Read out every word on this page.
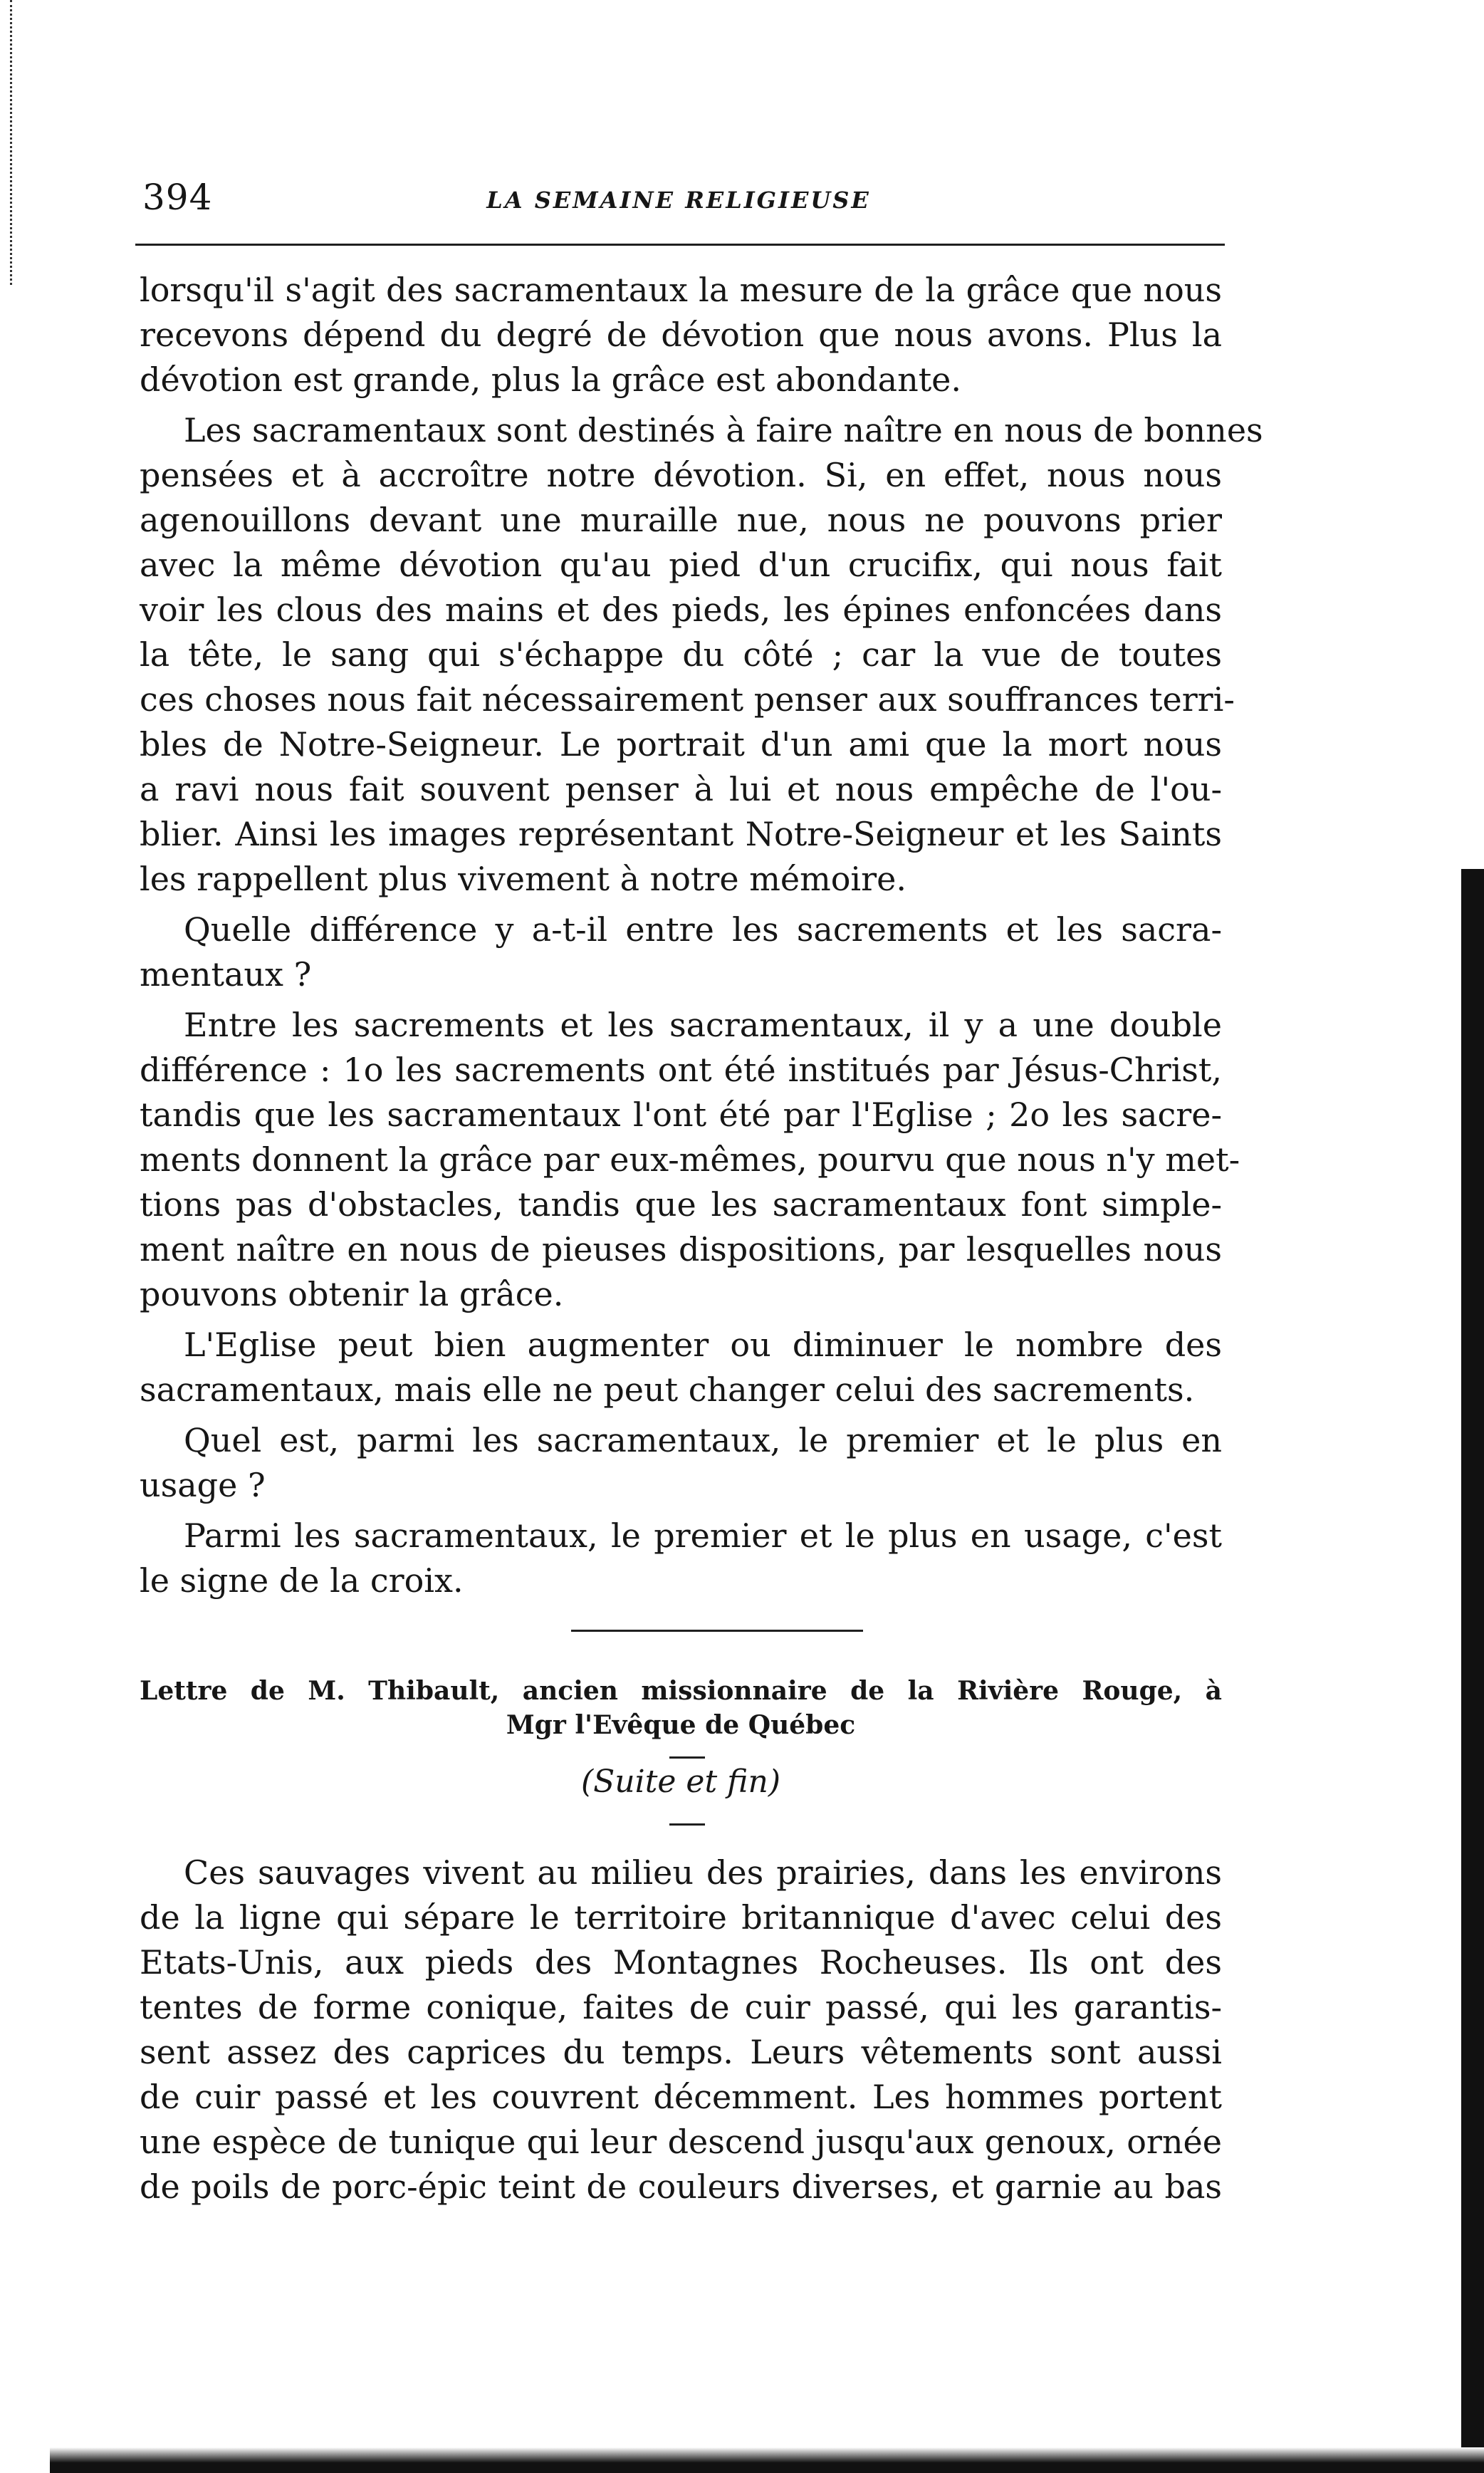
394	LA SEMAINE RELIGIEUSE
lorsqu'il s'agit des sacramentaux la mesure de la grâce que nous
recevons dépend du degré de dévotion que nous avons. Plus la
dévotion est grande, plus la grâce est abondante.
Les sacramentaux sont destinés à faire naître en nous de bonnes
pensées et à accroître notre dévotion. Si, en effet, nous nous
agenouillons devant une muraille nue, nous ne pouvons prier
avec la même dévotion qu'au pied d'un crucifix, qui nous fait
voir les clous des mains et des pieds, les épines enfoncées dans
la tête, le sang qui s'échappe du côté ; car la vue de toutes
ces choses nous fait nécessairement penser aux souffrances terri-
bles de Notre-Seigneur. Le portrait d'un ami que la mort nous
a ravi nous fait souvent penser à lui et nous empêche de l'ou-
blier. Ainsi les images représentant Notre-Seigneur et les Saints
les rappellent plus vivement à notre mémoire.
Quelle différence y a-t-il entre les sacrements et les sacra-
mentaux ?
Entre les sacrements et les sacramentaux, il y a une double
différence : 1o les sacrements ont été institués par Jésus-Christ,
tandis que les sacramentaux l'ont été par l'Eglise ; 2o les sacre-
ments donnent la grâce par eux-mêmes, pourvu que nous n'y met-
tions pas d'obstacles, tandis que les sacramentaux font simple-
ment naître en nous de pieuses dispositions, par lesquelles nous
pouvons obtenir la grâce.
L'Eglise peut bien augmenter ou diminuer le nombre des
sacramentaux, mais elle ne peut changer celui des sacrements.
Quel est, parmi les sacramentaux, le premier et le plus en
usage ?
Parmi les sacramentaux, le premier et le plus en usage, c'est
le signe de la croix.
Lettre de M. Thibault, ancien missionnaire de la Rivière Rouge, à
Mgr l'Evêque de Québec
(Suite et fin)
Ces sauvages vivent au milieu des prairies, dans les environs
de la ligne qui sépare le territoire britannique d'avec celui des
Etats-Unis, aux pieds des Montagnes Rocheuses. Ils ont des
tentes de forme conique, faites de cuir passé, qui les garantis-
sent assez des caprices du temps. Leurs vêtements sont aussi
de cuir passé et les couvrent décemment. Les hommes portent
une espèce de tunique qui leur descend jusqu'aux genoux, ornée
de poils de porc-épic teint de couleurs diverses, et garnie au bas
